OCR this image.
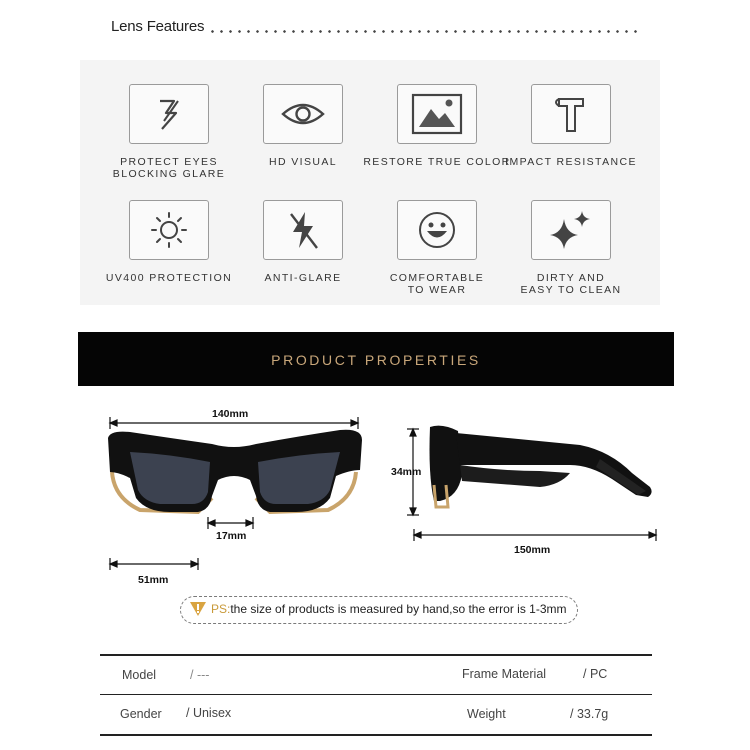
Lens Features
PROTECT EYES
BLOCKING GLARE
HD VISUAL	RESTORE TRUE COLOR
IMPACT RESISTANCE
UV400 PROTECTION	ANTI-GLARE	COMFORTABLE
TO WEAR
DIRTY AND
EASY TO CLEAN
PRODUCT PROPERTIES
140mm
17mm
51mm
34mm
150mm
PS:the size of products is measured by hand,so the error is 1-3mm
Model	/ ---	Frame Material	/ PC
Gender / Unisex	Weight	/ 33.7g
